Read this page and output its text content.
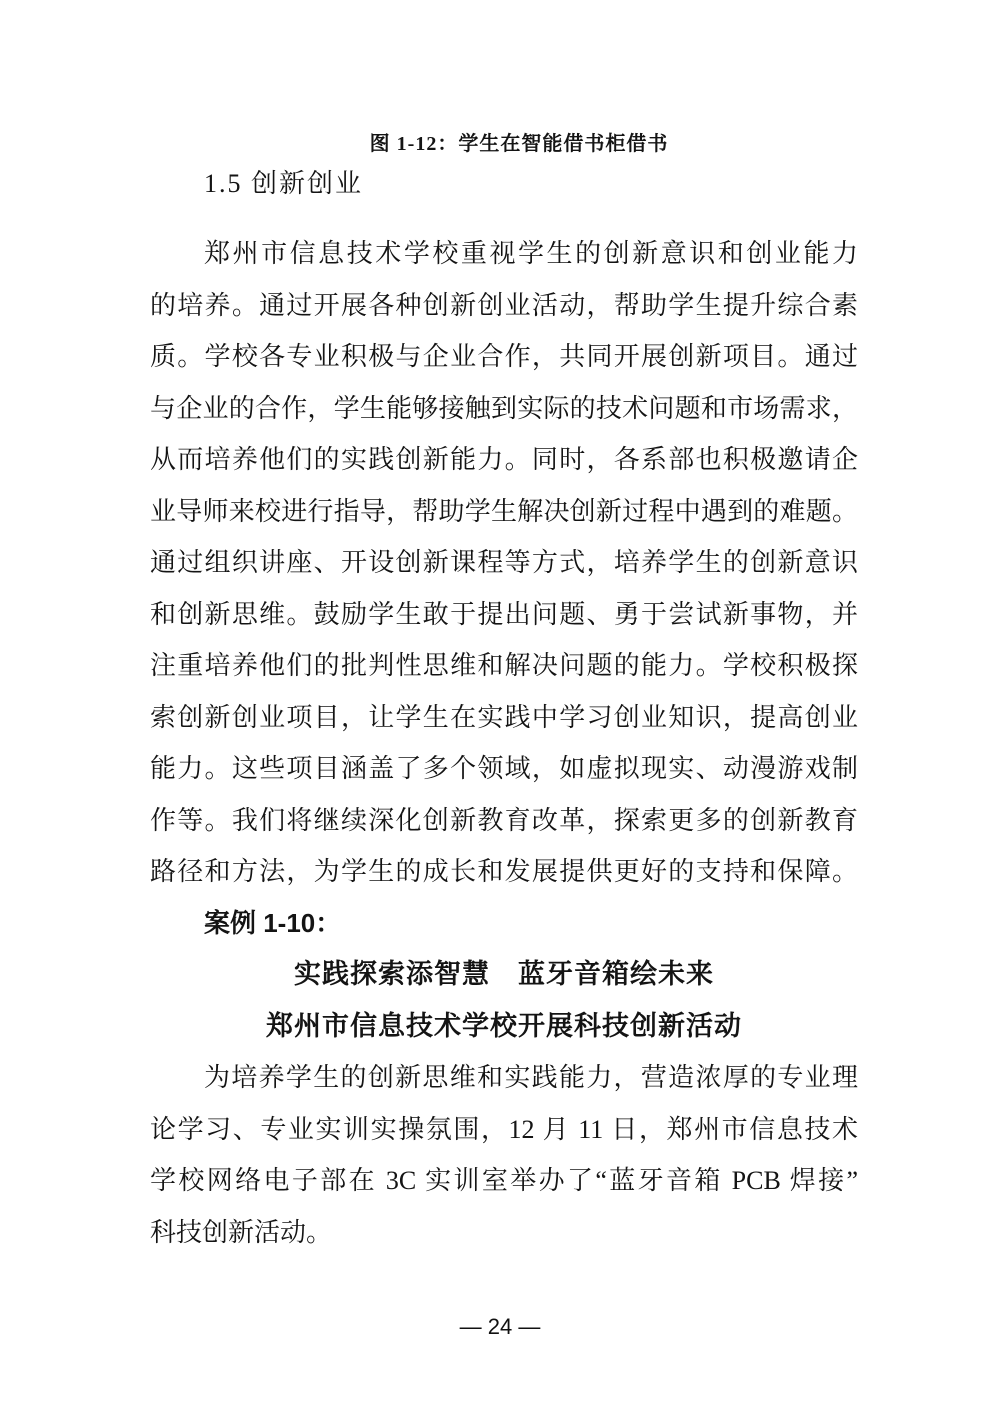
图 1-12：学生在智能借书柜借书
1.5 创新创业
郑州市信息技术学校重视学生的创新意识和创业能力
的培养。通过开展各种创新创业活动，帮助学生提升综合素
质。学校各专业积极与企业合作，共同开展创新项目。通过
与企业的合作，学生能够接触到实际的技术问题和市场需求，
从而培养他们的实践创新能力。同时，各系部也积极邀请企
业导师来校进行指导，帮助学生解决创新过程中遇到的难题。
通过组织讲座、开设创新课程等方式，培养学生的创新意识
和创新思维。鼓励学生敢于提出问题、勇于尝试新事物，并
注重培养他们的批判性思维和解决问题的能力。学校积极探
索创新创业项目，让学生在实践中学习创业知识，提高创业
能力。这些项目涵盖了多个领域，如虚拟现实、动漫游戏制
作等。我们将继续深化创新教育改革，探索更多的创新教育
路径和方法，为学生的成长和发展提供更好的支持和保障。
案例 1-10：
实践探索添智慧　蓝牙音箱绘未来
郑州市信息技术学校开展科技创新活动
为培养学生的创新思维和实践能力，营造浓厚的专业理
论学习、专业实训实操氛围，12 月 11 日，郑州市信息技术
学校网络电子部在 3C 实训室举办了“蓝牙音箱 PCB 焊接”
科技创新活动。
— 24 —
